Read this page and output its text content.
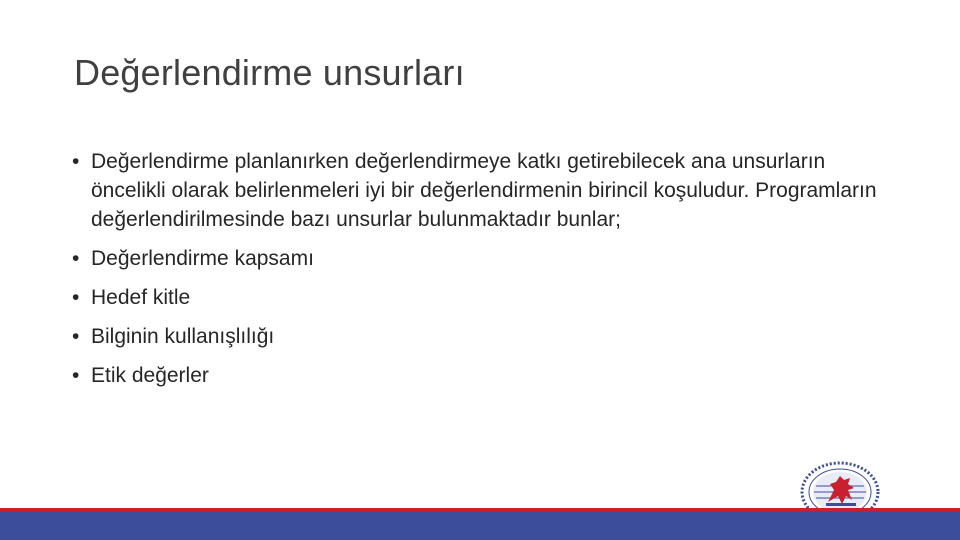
Değerlendirme unsurları
• Değerlendirme planlanırken değerlendirmeye katkı getirebilecek ana unsurların öncelikli olarak belirlenmeleri iyi bir değerlendirmenin birincil koşuludur. Programların değerlendirilmesinde bazı unsurlar bulunmaktadır bunlar;
• Değerlendirme kapsamı
• Hedef kitle
• Bilginin kullanışlılığı
• Etik değerler
